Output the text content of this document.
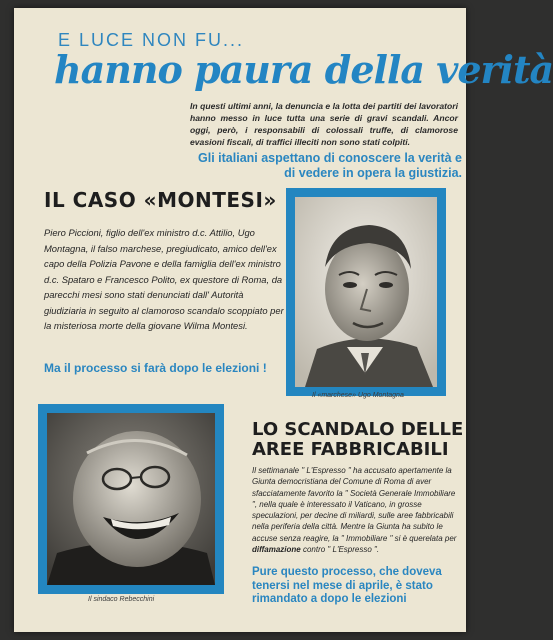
E LUCE NON FU...
hanno paura della verità
In questi ultimi anni, la denuncia e la lotta dei partiti dei lavoratori hanno messo in luce tutta una serie di gravi scandali. Ancor oggi, però, i responsabili di colossali truffe, di clamorose evasioni fiscali, di traffici illeciti non sono stati colpiti.
Gli italiani aspettano di conoscere la verità e di vedere in opera la giustizia.
IL CASO «MONTESI»
Piero Piccioni, figlio dell'ex ministro d.c. Attilio, Ugo Montagna, il falso marchese, pregiudicato, amico dell'ex capo della Polizia Pavone e della famiglia dell'ex ministro d.c. Spataro e Francesco Polito, ex questore di Roma, da parecchi mesi sono stati denunciati dall' Autorità giudiziaria in seguito al clamoroso scandalo scoppiato per la misteriosa morte della giovane Wilma Montesi.
Ma il processo si farà dopo le elezioni !
Il «marchese» Ugo Montagna
Il sindaco Rebecchini
LO SCANDALO DELLE AREE FABBRICABILI
Il settimanale " L'Espresso " ha accusato apertamente la Giunta democristiana del Comune di Roma di aver sfacciatamente favorito la " Società Generale Immobiliare ", nella quale è interessato il Vaticano, in grosse speculazioni, per decine di miliardi, sulle aree fabbricabili nella periferia della città. Mentre la Giunta ha subito le accuse senza reagire, la " Immobiliare " si è querelata per diffamazione contro " L'Espresso ".
Pure questo processo, che doveva tenersi nel mese di aprile, è stato rimandato a dopo le elezioni
